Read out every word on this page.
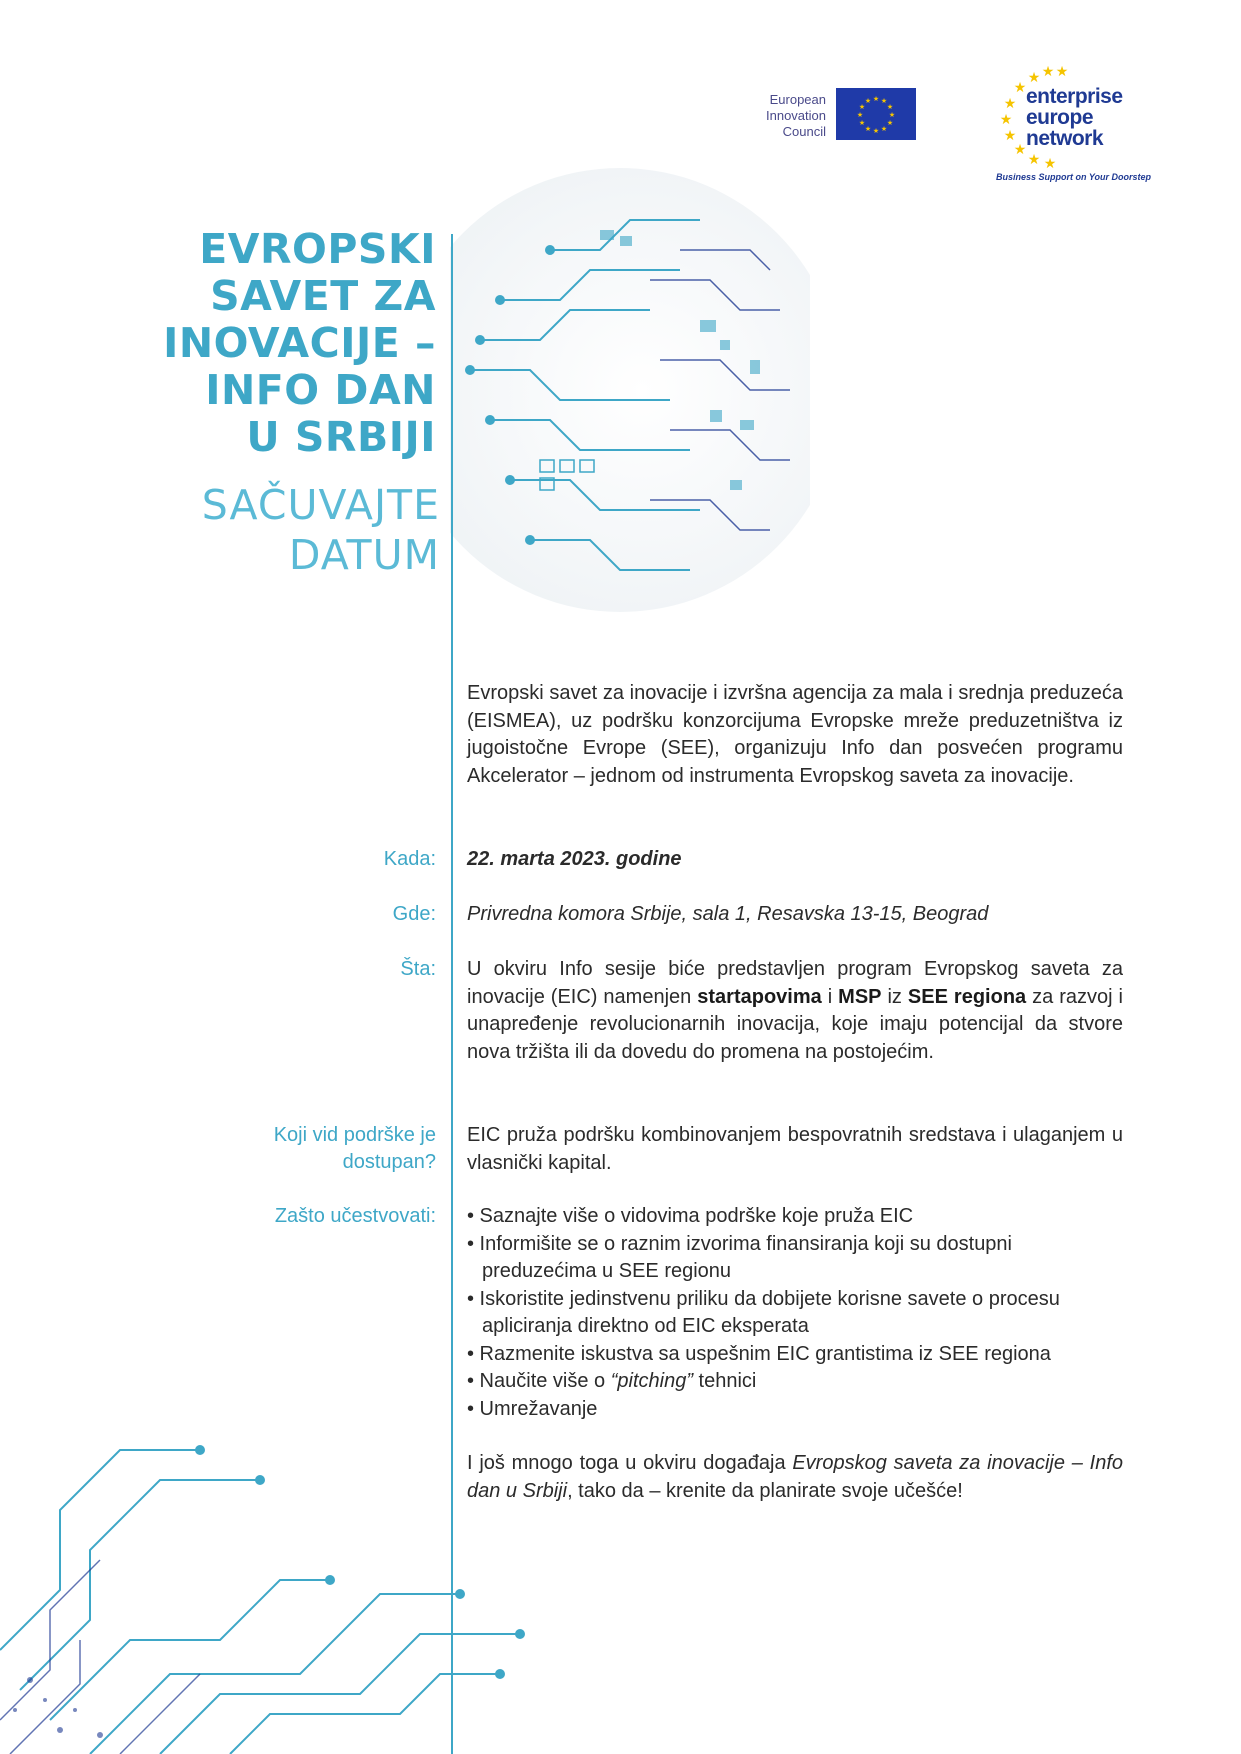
European
Innovation
Council
★ ★
★
★
★
★
★
★
★
★
★
★
★ ★
★
★
★
★
★
★ ★
★
enterprise
europe
network
Business Support on Your Doorstep
EVROPSKI
SAVET ZA
INOVACIJE –
INFO DAN
U SRBIJI
SAČUVAJTE
DATUM
Evropski savet za inovacije i izvršna agencija za mala i srednja preduzeća (EISMEA), uz podršku konzorcijuma Evropske mreže preduzetništva iz jugoistočne Evrope (SEE), organizuju Info dan posvećen programu Akcelerator – jednom od instrumenta Evropskog saveta za inovacije.
Kada: 22. marta 2023. godine
Gde: Privredna komora Srbije, sala 1, Resavska 13-15, Beograd
Šta: U okviru Info sesije biće predstavljen program Evropskog saveta za inovacije (EIC) namenjen startapovima i MSP iz SEE regiona za razvoj i unapređenje revolucionarnih inovacija, koje imaju potencijal da stvore nova tržišta ili da dovedu do promena na postojećim.
Koji vid podrške je
dostupan?
EIC pruža podršku kombinovanjem bespovratnih sredstava i ulaganjem u vlasnički kapital.
Zašto učestvovati: • Saznajte više o vidovima podrške koje pruža EIC
• Informišite se o raznim izvorima finansiranja koji su dostupni preduzećima u SEE regionu
• Iskoristite jedinstvenu priliku da dobijete korisne savete o procesu apliciranja direktno od EIC eksperata
• Razmenite iskustva sa uspešnim EIC grantistima iz SEE regiona
• Naučite više o “pitching” tehnici
• Umrežavanje
I još mnogo toga u okviru događaja Evropskog saveta za inovacije – Info dan u Srbiji, tako da – krenite da planirate svoje učešće!
